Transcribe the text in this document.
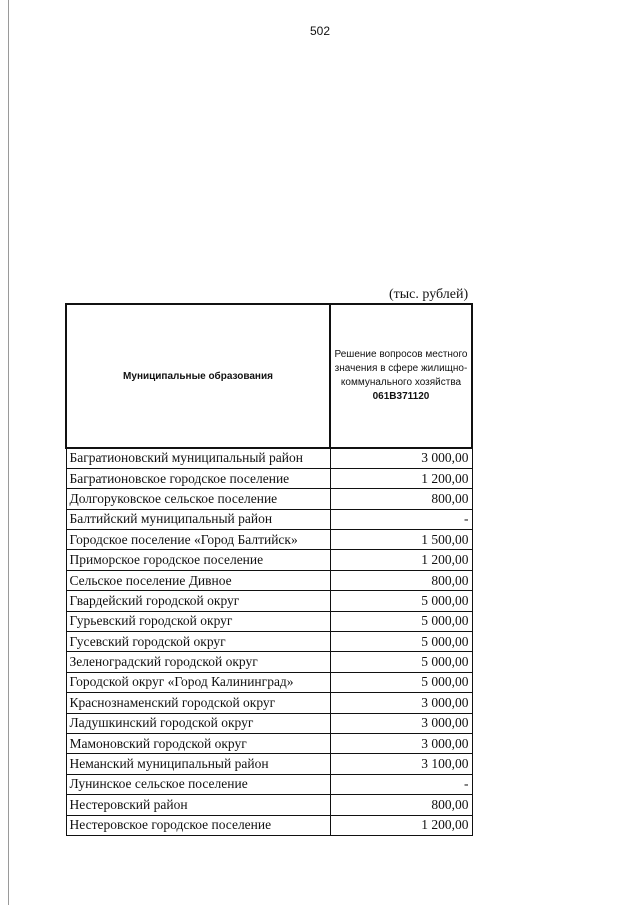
502
(тыс. рублей)
Муниципальные образования	Решение вопросов местного
значения в сфере жилищно-
коммунального хозяйства
061В371120

Багратионовский муниципальный район	3 000,00
Багратионовское городское поселение	1 200,00
Долгоруковское сельское поселение	800,00
Балтийский муниципальный район	-
Городское поселение «Город Балтийск»	1 500,00
Приморское городское поселение	1 200,00
Сельское поселение Дивное	800,00
Гвардейский городской округ	5 000,00
Гурьевский городской округ	5 000,00
Гусевский городской округ	5 000,00
Зеленоградский городской округ	5 000,00
Городской округ «Город Калининград»	5 000,00
Краснознаменский городской округ	3 000,00
Ладушкинский городской округ	3 000,00
Мамоновский городской округ	3 000,00
Неманский муниципальный район	3 100,00
Лунинское сельское поселение	-
Нестеровский район	800,00
Нестеровское городское поселение	1 200,00
